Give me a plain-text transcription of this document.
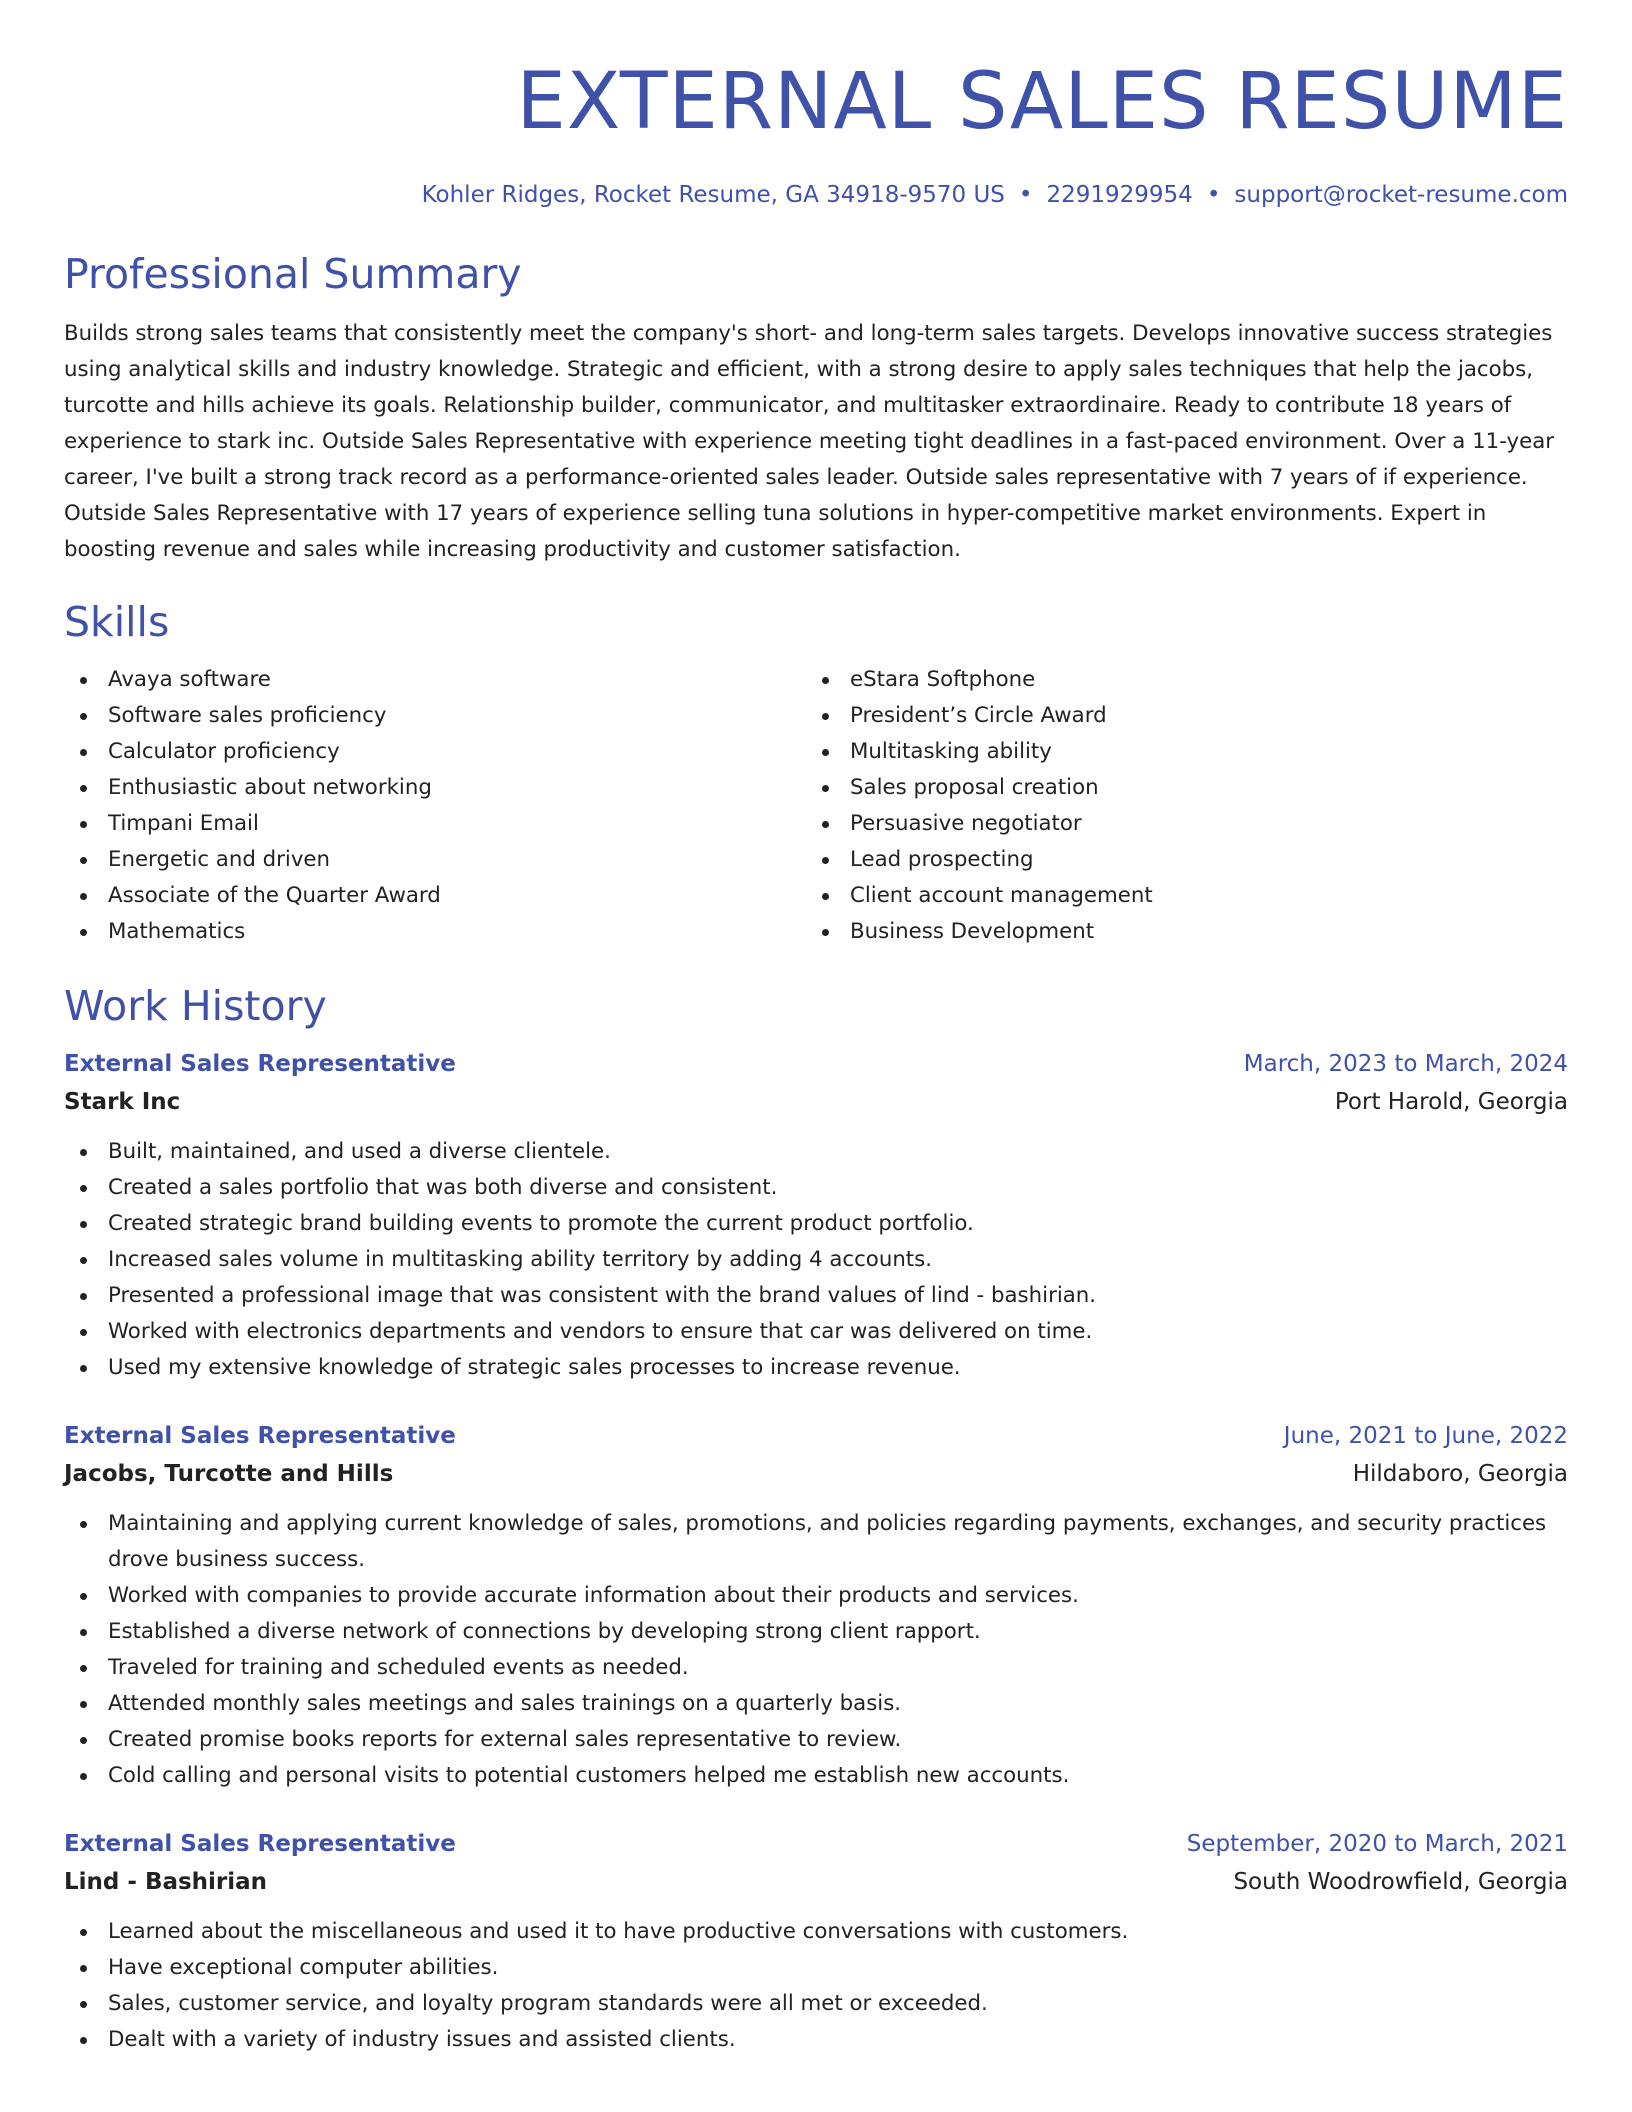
EXTERNAL SALES RESUME
Kohler Ridges, Rocket Resume, GA 34918-9570 US • 2291929954 • support@rocket-resume.com
Professional Summary

Builds strong sales teams that consistently meet the company's short- and long-term sales targets. Develops innovative success strategies using analytical skills and industry knowledge. Strategic and efficient, with a strong desire to apply sales techniques that help the jacobs, turcotte and hills achieve its goals. Relationship builder, communicator, and multitasker extraordinaire. Ready to contribute 18 years of experience to stark inc. Outside Sales Representative with experience meeting tight deadlines in a fast-paced environment. Over a 11-year career, I've built a strong track record as a performance-oriented sales leader. Outside sales representative with 7 years of if experience. Outside Sales Representative with 17 years of experience selling tuna solutions in hyper-competitive market environments. Expert in boosting revenue and sales while increasing productivity and customer satisfaction.

Skills
Avaya software
Software sales proficiency
Calculator proficiency
Enthusiastic about networking
Timpani Email
Energetic and driven
Associate of the Quarter Award
Mathematics
eStara Softphone
President’s Circle Award
Multitasking ability
Sales proposal creation
Persuasive negotiator
Lead prospecting
Client account management
Business Development
Work History
External Sales Representative	March, 2023 to March, 2024
Stark Inc	Port Harold, Georgia
Built, maintained, and used a diverse clientele.
Created a sales portfolio that was both diverse and consistent.
Created strategic brand building events to promote the current product portfolio.
Increased sales volume in multitasking ability territory by adding 4 accounts.
Presented a professional image that was consistent with the brand values of lind - bashirian.
Worked with electronics departments and vendors to ensure that car was delivered on time.
Used my extensive knowledge of strategic sales processes to increase revenue.
External Sales Representative	June, 2021 to June, 2022
Jacobs, Turcotte and Hills	Hildaboro, Georgia
Maintaining and applying current knowledge of sales, promotions, and policies regarding payments, exchanges, and security practices drove business success.
Worked with companies to provide accurate information about their products and services.
Established a diverse network of connections by developing strong client rapport.
Traveled for training and scheduled events as needed.
Attended monthly sales meetings and sales trainings on a quarterly basis.
Created promise books reports for external sales representative to review.
Cold calling and personal visits to potential customers helped me establish new accounts.
External Sales Representative	September, 2020 to March, 2021
Lind - Bashirian	South Woodrowfield, Georgia
Learned about the miscellaneous and used it to have productive conversations with customers.
Have exceptional computer abilities.
Sales, customer service, and loyalty program standards were all met or exceeded.
Dealt with a variety of industry issues and assisted clients.
